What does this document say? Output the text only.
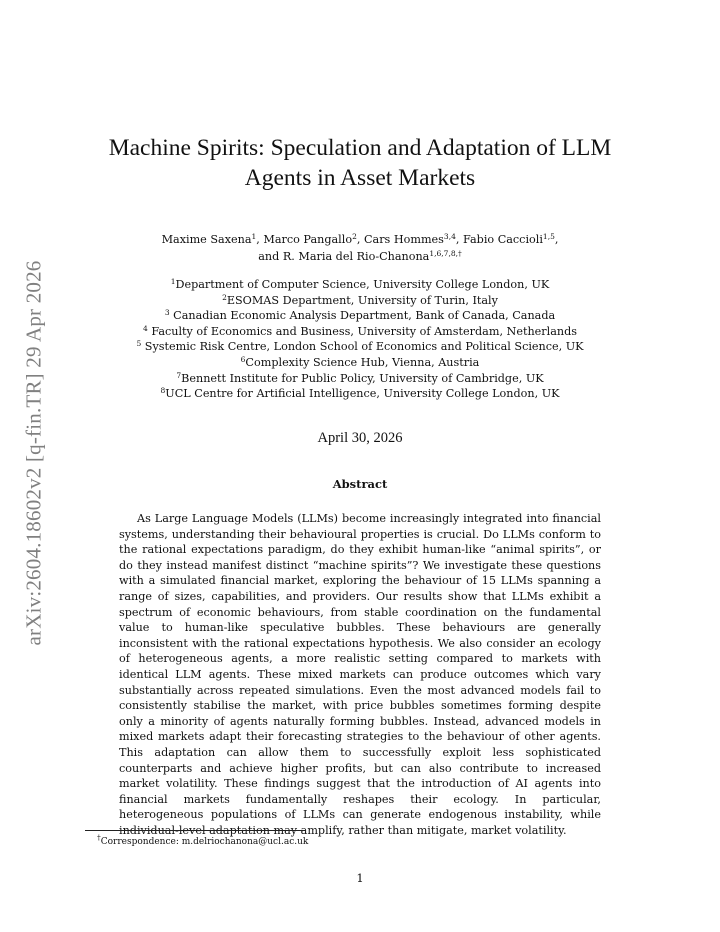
arXiv:2604.18602v2 [q-fin.TR] 29 Apr 2026
Machine Spirits: Speculation and Adaptation of LLM
Agents in Asset Markets
Maxime Saxena$^1$, Marco Pangallo$^2$, Cars Hommes$^{3,4}$, Fabio Caccioli$^{1,5}$,
and R. Maria del Rio-Chanona$^{1,6,7,8,\dagger}$
$^1$Department of Computer Science, University College London, UK
$^2$ESOMAS Department, University of Turin, Italy
$^3$ Canadian Economic Analysis Department, Bank of Canada, Canada
$^4$ Faculty of Economics and Business, University of Amsterdam, Netherlands
$^5$ Systemic Risk Centre, London School of Economics and Political Science, UK
$^6$Complexity Science Hub, Vienna, Austria
$^7$Bennett Institute for Public Policy, University of Cambridge, UK
$^8$UCL Centre for Artificial Intelligence, University College London, UK
April 30, 2026
Abstract

As Large Language Models (LLMs) become increasingly integrated into financial systems, understanding their behavioural properties is crucial. Do LLMs conform to the rational expectations paradigm, do they exhibit human-like “animal spirits”, or do they instead manifest distinct “machine spirits”? We investigate these questions with a simulated financial market, exploring the behaviour of 15 LLMs spanning a range of sizes, capabilities, and providers. Our results show that LLMs exhibit a spectrum of economic behaviours, from stable coordination on the fundamental value to human-like speculative bubbles. These behaviours are generally inconsistent with the rational expectations hypothesis. We also consider an ecology of heterogeneous agents, a more realistic setting compared to markets with identical LLM agents. These mixed markets can produce outcomes which vary substantially across repeated simulations. Even the most advanced models fail to consistently stabilise the market, with price bubbles sometimes forming despite only a minority of agents naturally forming bubbles. Instead, advanced models in mixed markets adapt their forecasting strategies to the behaviour of other agents. This adaptation can allow them to successfully exploit less sophisticated counterparts and achieve higher profits, but can also contribute to increased market volatility. These findings suggest that the introduction of AI agents into financial markets fundamentally reshapes their ecology. In particular, heterogeneous populations of LLMs can generate endogenous instability, while individual-level adaptation may amplify, rather than mitigate, market volatility.

†Correspondence: m.delriochanona@ucl.ac.uk
1
